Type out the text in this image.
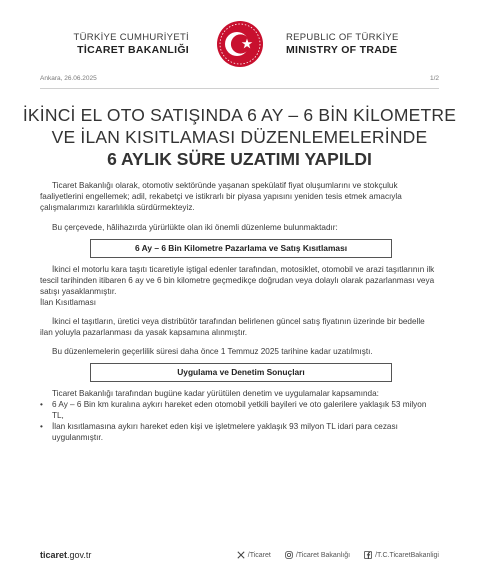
TÜRKİYE CUMHURİYETİ
TİCARET BAKANLIĞI
REPUBLIC OF TÜRKİYE
MINISTRY OF TRADE
Ankara, 26.06.2025	1/2
İKİNCİ EL OTO SATIŞINDA 6 AY – 6 BİN KİLOMETRE
VE İLAN KISITLAMASI DÜZENLEMELERİNDE
6 AYLIK SÜRE UZATIMI YAPILDI

Ticaret Bakanlığı olarak, otomotiv sektöründe yaşanan spekülatif fiyat oluşumlarını ve stokçuluk faaliyetlerini engellemek; adil, rekabetçi ve istikrarlı bir piyasa yapısını yeniden tesis etmek amacıyla çalışmalarımızı kararlılıkla sürdürmekteyiz.

Bu çerçevede, hâlihazırda yürürlükte olan iki önemli düzenleme bulunmaktadır:

6 Ay – 6 Bin Kilometre Pazarlama ve Satış Kısıtlaması

İkinci el motorlu kara taşıtı ticaretiyle iştigal edenler tarafından, motosiklet, otomobil ve arazi taşıtlarının ilk tescil tarihinden itibaren 6 ay ve 6 bin kilometre geçmedikçe doğrudan veya dolaylı olarak pazarlanması veya satışı yasaklanmıştır.

İlan Kısıtlaması

İkinci el taşıtların, üretici veya distribütör tarafından belirlenen güncel satış fiyatının üzerinde bir bedelle ilan yoluyla pazarlanması da yasak kapsamına alınmıştır.

Bu düzenlemelerin geçerlilik süresi daha önce 1 Temmuz 2025 tarihine kadar uzatılmıştı.

Uygulama ve Denetim Sonuçları

Ticaret Bakanlığı tarafından bugüne kadar yürütülen denetim ve uygulamalar kapsamında:

•	6 Ay – 6 Bin km kuralına aykırı hareket eden otomobil yetkili bayileri ve oto galerilere yaklaşık 53 milyon TL,
•	İlan kısıtlamasına aykırı hareket eden kişi ve işletmelere yaklaşık 93 milyon TL idari para cezası uygulanmıştır.
ticaret.gov.tr	/Ticaret	/Ticaret Bakanlığı	/T.C.TicaretBakanligi
